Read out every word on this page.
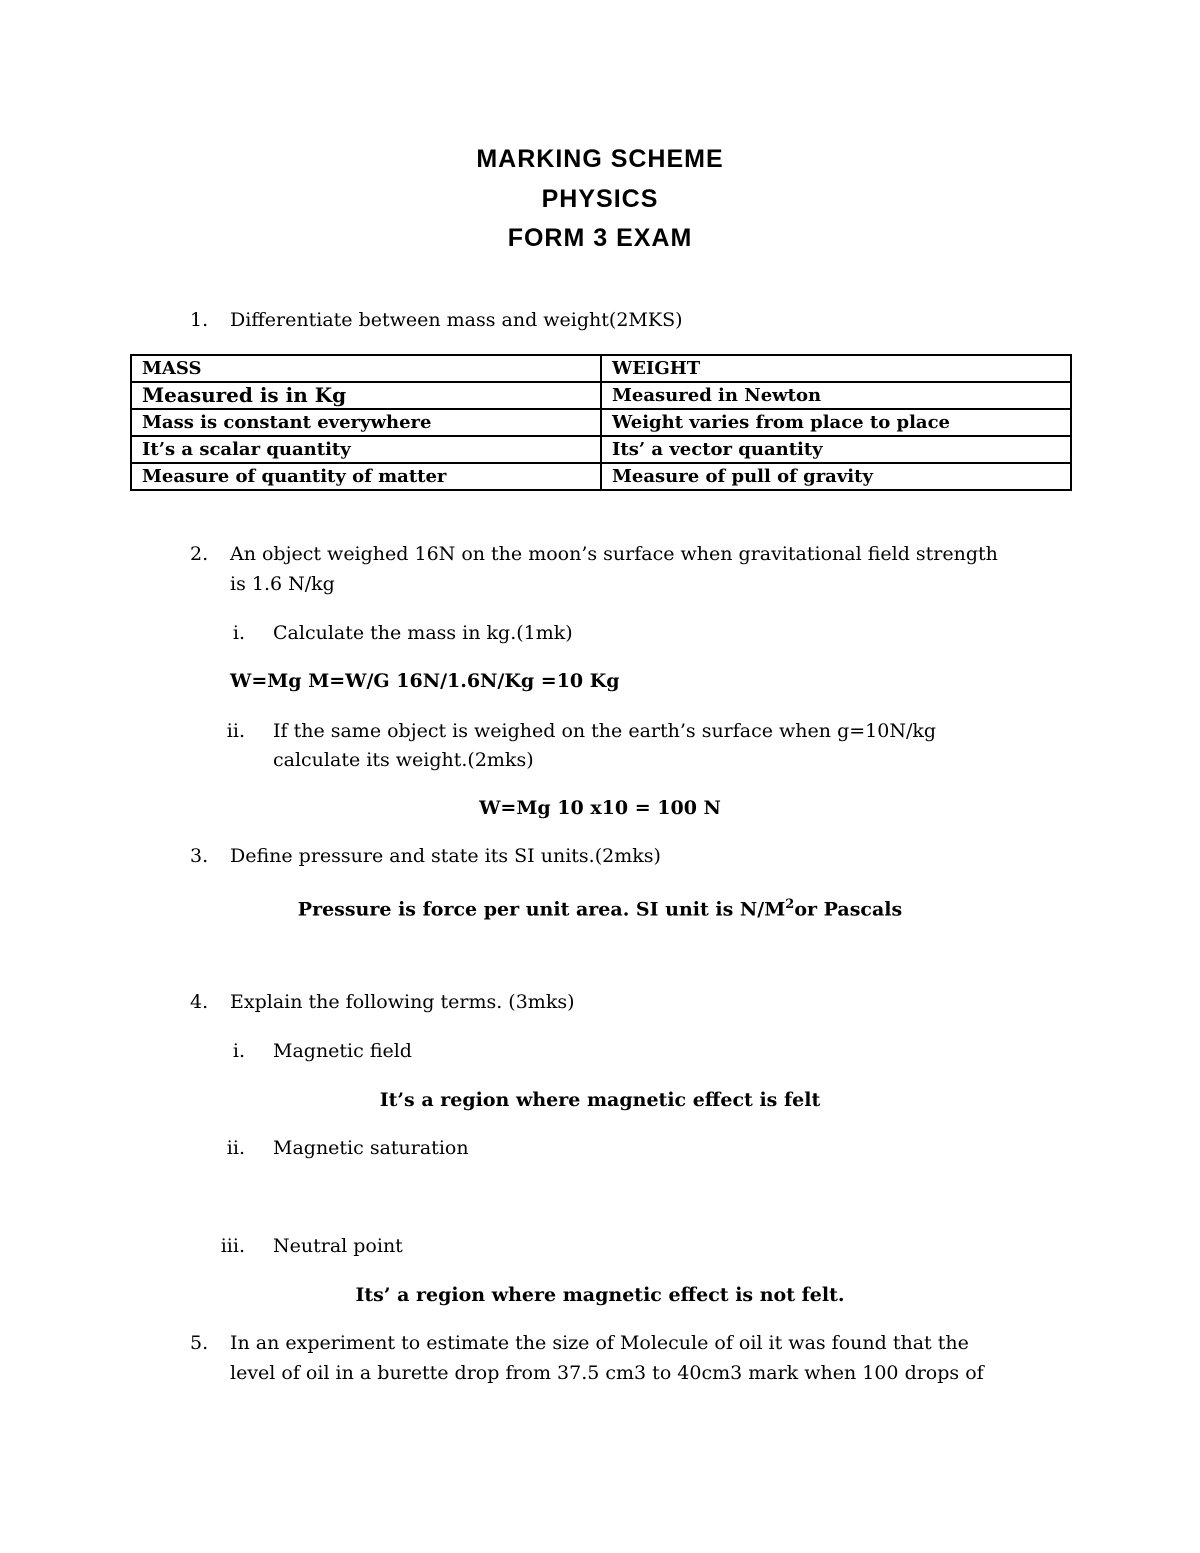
MARKING SCHEME
PHYSICS
FORM 3 EXAM
1.	Differentiate between mass and weight(2MKS)
MASS	WEIGHT
Measured is in Kg	Measured in Newton
Mass is constant everywhere	Weight varies from place to place
It’s a scalar quantity	Its’ a vector quantity
Measure of quantity of matter	Measure of pull of gravity
2.	An object weighed 16N on the moon’s surface when gravitational field strength
is 1.6 N/kg
i. Calculate the mass in kg.(1mk)
W=Mg M=W/G 16N/1.6N/Kg =10 Kg
ii. If the same object is weighed on the earth’s surface when g=10N/kg
calculate its weight.(2mks)
W=Mg 10 x10 = 100 N
3.	Define pressure and state its SI units.(2mks)
Pressure is force per unit area. SI unit is $N/M^2or$ Pascals
4.	Explain the following terms. (3mks)
i. Magnetic field
It’s a region where magnetic effect is felt
ii. Magnetic saturation
iii. Neutral point
Its’ a region where magnetic effect is not felt.
5.	In an experiment to estimate the size of Molecule of oil it was found that the
level of oil in a burette drop from 37.5 cm3 to 40cm3 mark when 100 drops of
